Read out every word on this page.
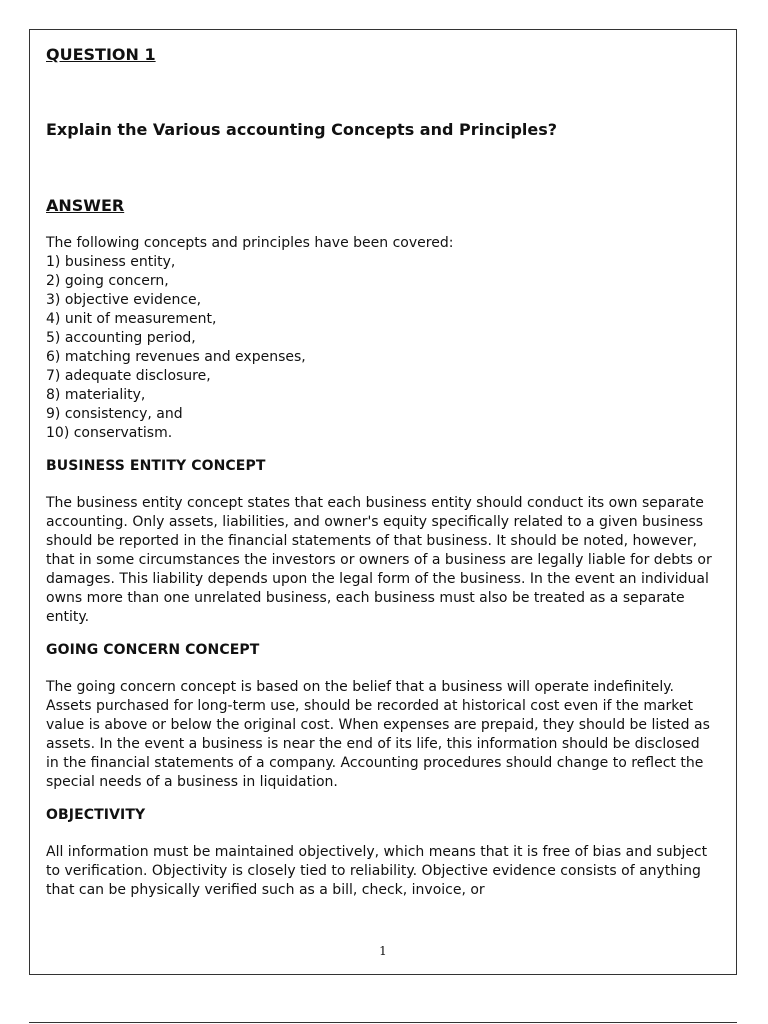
QUESTION 1
Explain the Various accounting Concepts and Principles?
ANSWER

The following concepts and principles have been covered:

1) business entity,
2) going concern,
3) objective evidence,
4) unit of measurement,
5) accounting period,
6) matching revenues and expenses,
7) adequate disclosure,
8) materiality,
9) consistency, and
10) conservatism.
BUSINESS ENTITY CONCEPT

The business entity concept states that each business entity should conduct its own separate accounting. Only assets, liabilities, and owner's equity specifically related to a given business should be reported in the financial statements of that business. It should be noted, however, that in some circumstances the investors or owners of a business are legally liable for debts or damages. This liability depends upon the legal form of the business. In the event an individual owns more than one unrelated business, each business must also be treated as a separate entity.

GOING CONCERN CONCEPT

The going concern concept is based on the belief that a business will operate indefinitely. Assets purchased for long-term use, should be recorded at historical cost even if the market value is above or below the original cost. When expenses are prepaid, they should be listed as assets. In the event a business is near the end of its life, this information should be disclosed in the financial statements of a company. Accounting procedures should change to reflect the special needs of a business in liquidation.

OBJECTIVITY

All information must be maintained objectively, which means that it is free of bias and subject to verification. Objectivity is closely tied to reliability. Objective evidence consists of anything that can be physically verified such as a bill, check, invoice, or

1
